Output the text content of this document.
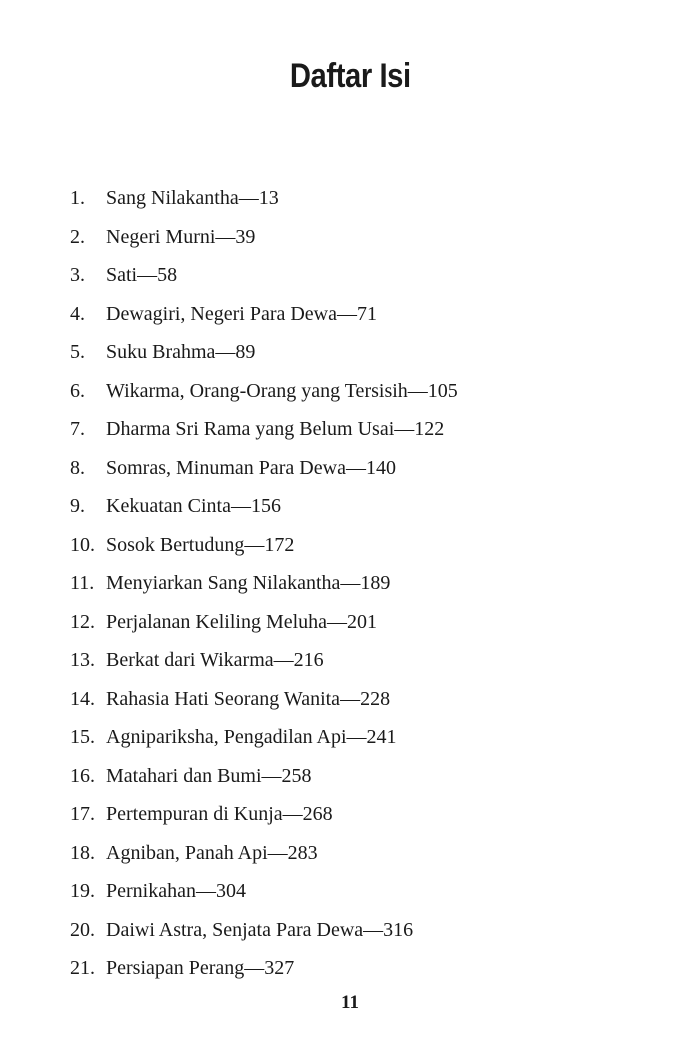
Daftar Isi
1.	Sang Nilakantha—13
2.	Negeri Murni—39
3.	Sati—58
4.	Dewagiri, Negeri Para Dewa—71
5.	Suku Brahma—89
6.	Wikarma, Orang-Orang yang Tersisih—105
7.	Dharma Sri Rama yang Belum Usai—122
8.	Somras, Minuman Para Dewa—140
9.	Kekuatan Cinta—156
10. Sosok Bertudung—172
11. Menyiarkan Sang Nilakantha—189
12. Perjalanan Keliling Meluha—201
13. Berkat dari Wikarma—216
14. Rahasia Hati Seorang Wanita—228
15. Agnipariksha, Pengadilan Api—241
16. Matahari dan Bumi—258
17. Pertempuran di Kunja—268
18. Agniban, Panah Api—283
19. Pernikahan—304
20. Daiwi Astra, Senjata Para Dewa—316
21. Persiapan Perang—327
11
